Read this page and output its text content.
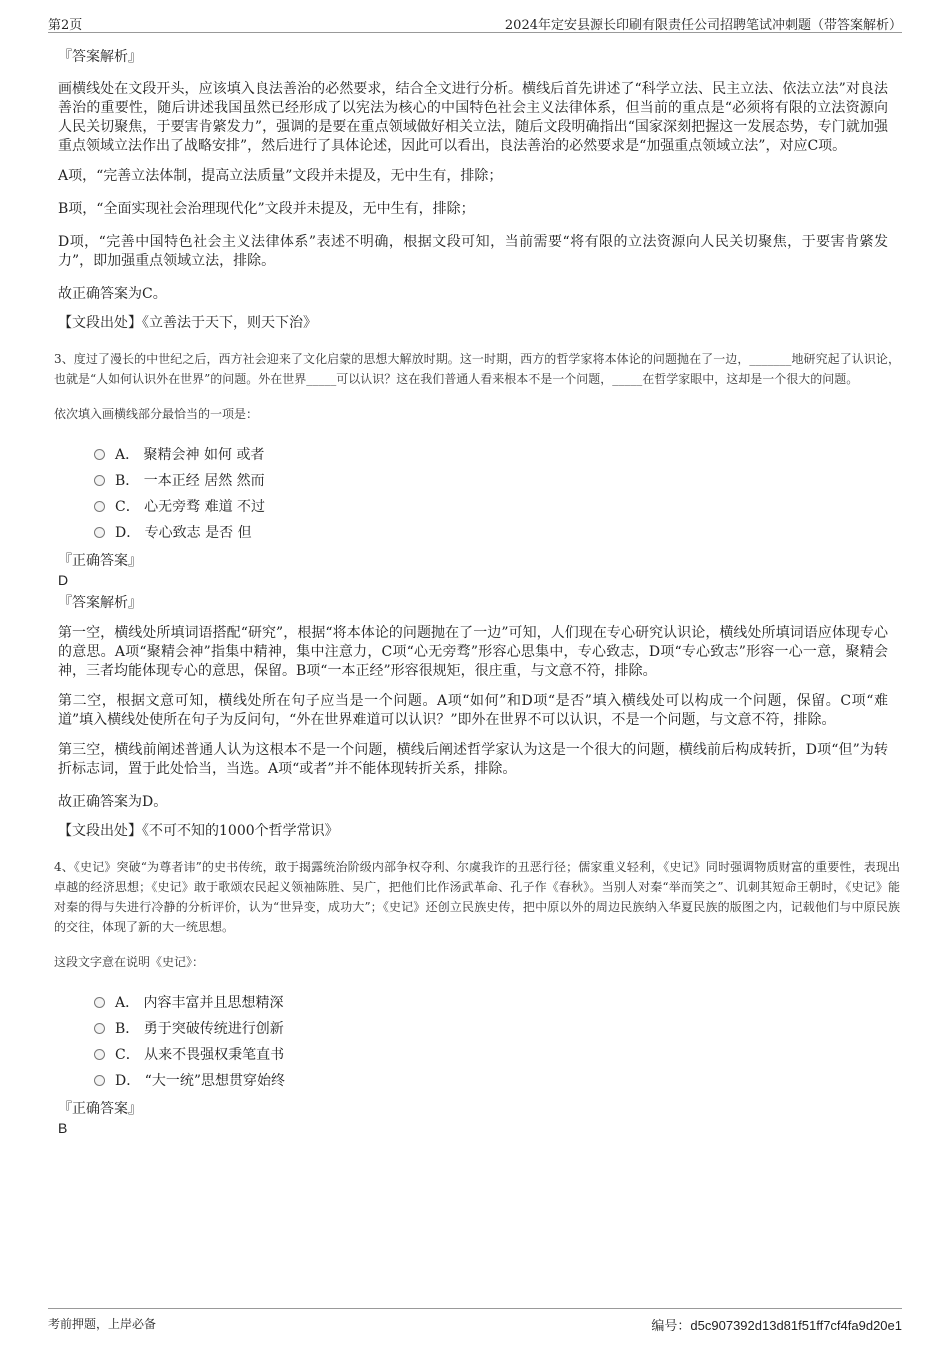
第2页	2024年定安县源长印刷有限责任公司招聘笔试冲刺题（带答案解析）
『答案解析』

画横线处在文段开头，应该填入良法善治的必然要求，结合全文进行分析。横线后首先讲述了“科学立法、民主立法、依法立法”对良法善治的重要性，随后讲述我国虽然已经形成了以宪法为核心的中国特色社会主义法律体系，但当前的重点是“必须将有限的立法资源向人民关切聚焦，于要害肯綮发力”，强调的是要在重点领域做好相关立法，随后文段明确指出“国家深刻把握这一发展态势，专门就加强重点领域立法作出了战略安排”，然后进行了具体论述，因此可以看出，良法善治的必然要求是“加强重点领域立法”，对应C项。

A项，“完善立法体制，提高立法质量”文段并未提及，无中生有，排除；

B项，“全面实现社会治理现代化”文段并未提及，无中生有，排除；

D项，“完善中国特色社会主义法律体系”表述不明确，根据文段可知，当前需要“将有限的立法资源向人民关切聚焦，于要害肯綮发力”，即加强重点领域立法，排除。

故正确答案为C。

【文段出处】《立善法于天下，则天下治》

3、度过了漫长的中世纪之后，西方社会迎来了文化启蒙的思想大解放时期。这一时期，西方的哲学家将本体论的问题抛在了一边，_______地研究起了认识论，也就是“人如何认识外在世界”的问题。外在世界_____可以认识？这在我们普通人看来根本不是一个问题，_____在哲学家眼中，这却是一个很大的问题。

依次填入画横线部分最恰当的一项是：

A． 聚精会神 如何 或者
B． 一本正经 居然 然而
C． 心无旁骛 难道 不过
D． 专心致志 是否 但
『正确答案』
D
『答案解析』

第一空，横线处所填词语搭配“研究”，根据“将本体论的问题抛在了一边”可知，人们现在专心研究认识论，横线处所填词语应体现专心的意思。A项“聚精会神”指集中精神，集中注意力，C项“心无旁骛”形容心思集中，专心致志，D项“专心致志”形容一心一意，聚精会神，三者均能体现专心的意思，保留。B项“一本正经”形容很规矩，很庄重，与文意不符，排除。

第二空，根据文意可知，横线处所在句子应当是一个问题。A项“如何”和D项“是否”填入横线处可以构成一个问题，保留。C项“难道”填入横线处使所在句子为反问句，“外在世界难道可以认识？”即外在世界不可以认识，不是一个问题，与文意不符，排除。

第三空，横线前阐述普通人认为这根本不是一个问题，横线后阐述哲学家认为这是一个很大的问题，横线前后构成转折，D项“但”为转折标志词，置于此处恰当，当选。A项“或者”并不能体现转折关系，排除。

故正确答案为D。

【文段出处】《不可不知的1000个哲学常识》

4、《史记》突破“为尊者讳”的史书传统，敢于揭露统治阶级内部争权夺利、尔虞我诈的丑恶行径；儒家重义轻利，《史记》同时强调物质财富的重要性，表现出卓越的经济思想；《史记》敢于歌颂农民起义领袖陈胜、吴广，把他们比作汤武革命、孔子作《春秋》。当别人对秦“举而笑之”、讥刺其短命王朝时，《史记》能对秦的得与失进行冷静的分析评价，认为“世异变，成功大”；《史记》还创立民族史传，把中原以外的周边民族纳入华夏民族的版图之内，记载他们与中原民族的交往，体现了新的大一统思想。

这段文字意在说明《史记》：

A． 内容丰富并且思想精深
B． 勇于突破传统进行创新
C． 从来不畏强权秉笔直书
D． “大一统”思想贯穿始终
『正确答案』
B
考前押题，上岸必备	编号：d5c907392d13d81f51ff7cf4fa9d20e1
